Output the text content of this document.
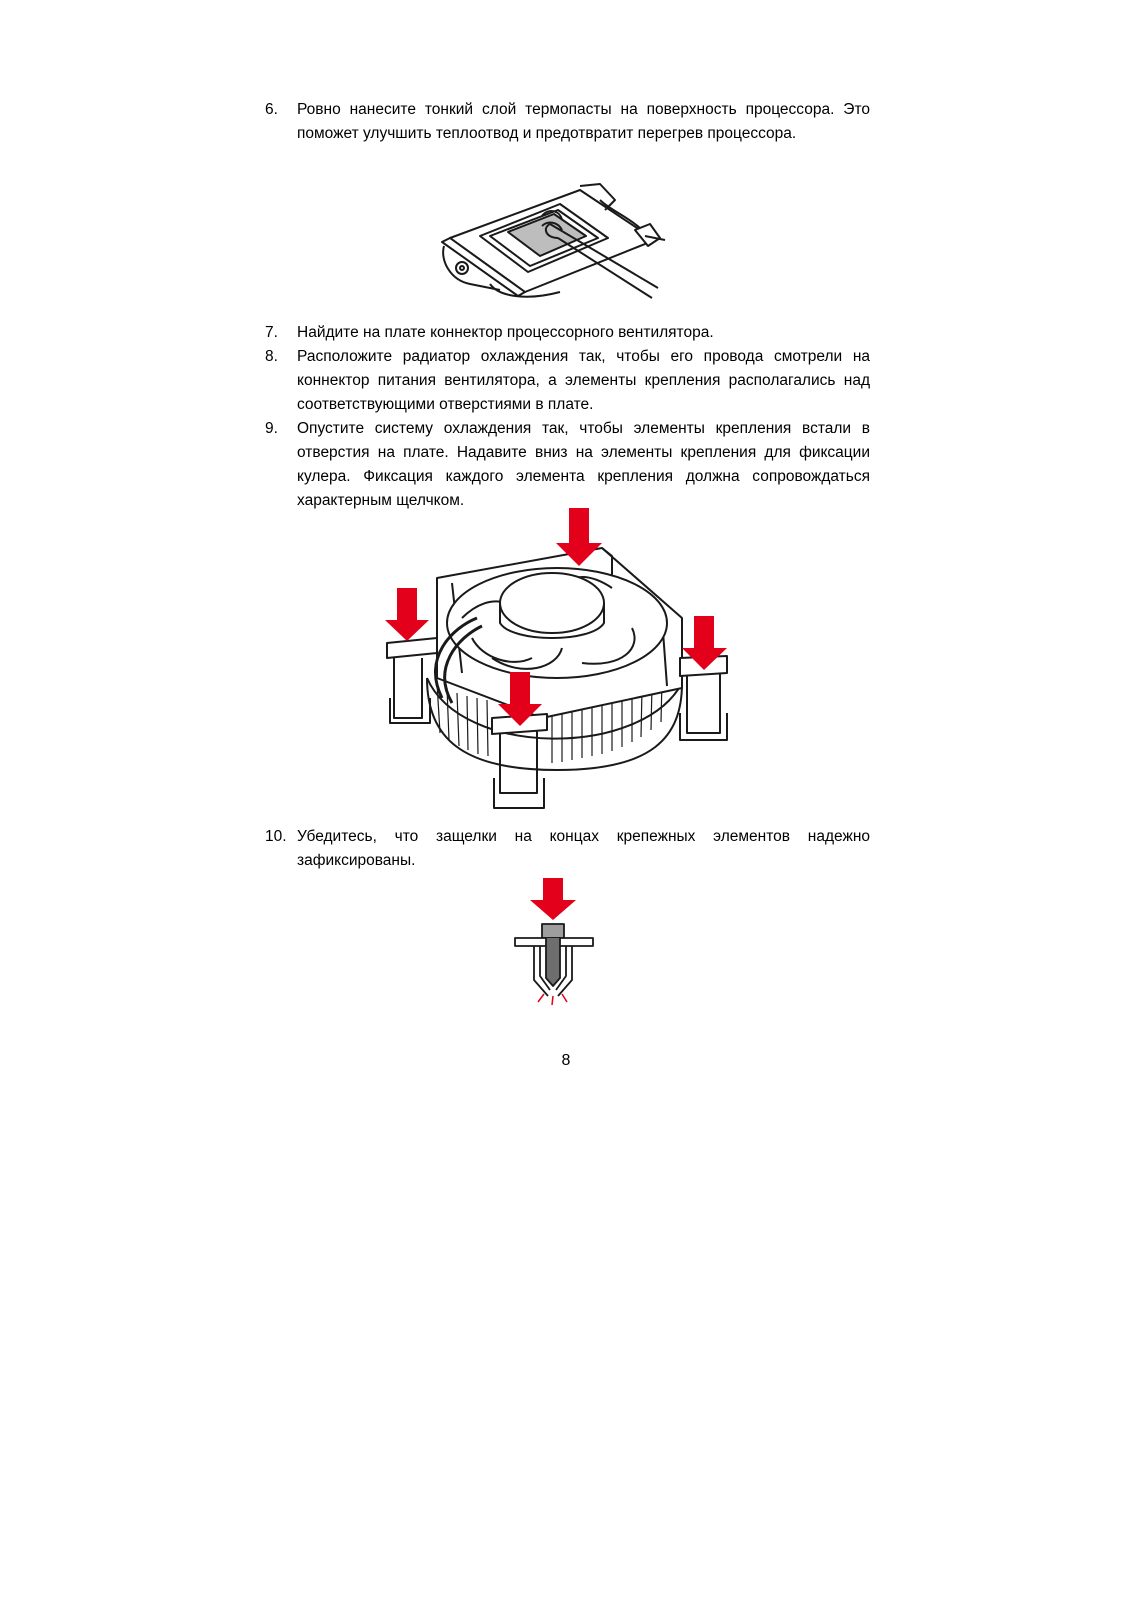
6. Ровно нанесите тонкий слой термопасты на поверхность процессора. Это поможет улучшить теплоотвод и предотвратит перегрев процессора.
7. Найдите на плате коннектор процессорного вентилятора.
8. Расположите радиатор охлаждения так, чтобы его провода смотрели на коннектор питания вентилятора, а элементы крепления располагались над соответствующими отверстиями в плате.
9. Опустите систему охлаждения так, чтобы элементы крепления встали в отверстия на плате. Надавите вниз на элементы крепления для фиксации кулера. Фиксация каждого элемента крепления должна сопровождаться характерным щелчком.
10. Убедитесь, что защелки на концах крепежных элементов надежно зафиксированы.
8
